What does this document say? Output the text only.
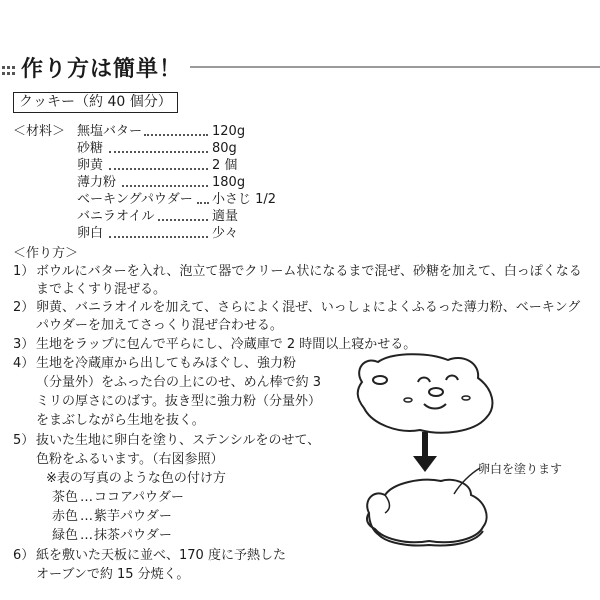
作り方は簡単！
クッキー（約 40 個分）
＜材料＞ 無塩バター	120g
砂糖	80g
卵黄	2 個
薄力粉	180g
ベーキングパウダー 小さじ 1/2
バニラオイル	適量
卵白	少々
＜作り方＞
1） ボウルにバターを入れ、泡立て器でクリーム状になるまで混ぜ、砂糖を加えて、白っぽくなる
までよくすり混ぜる。
2） 卵黄、バニラオイルを加えて、さらによく混ぜ、いっしょによくふるった薄力粉、ベーキング
パウダーを加えてさっくり混ぜ合わせる。
3） 生地をラップに包んで平らにし、冷蔵庫で 2 時間以上寝かせる。
4） 生地を冷蔵庫から出してもみほぐし、強力粉
（分量外）をふった台の上にのせ、めん棒で約 3
ミリの厚さにのばす。抜き型に強力粉（分量外）
をまぶしながら生地を抜く。
5） 抜いた生地に卵白を塗り、ステンシルをのせて、
色粉をふるいます。（右図参照）
※表の写真のような色の付け方
茶色 … ココアパウダー
赤色 … 紫芋パウダー
緑色 … 抹茶パウダー
6） 紙を敷いた天板に並べ、170 度に予熱した
オーブンで約 15 分焼く。
卵白を塗ります
